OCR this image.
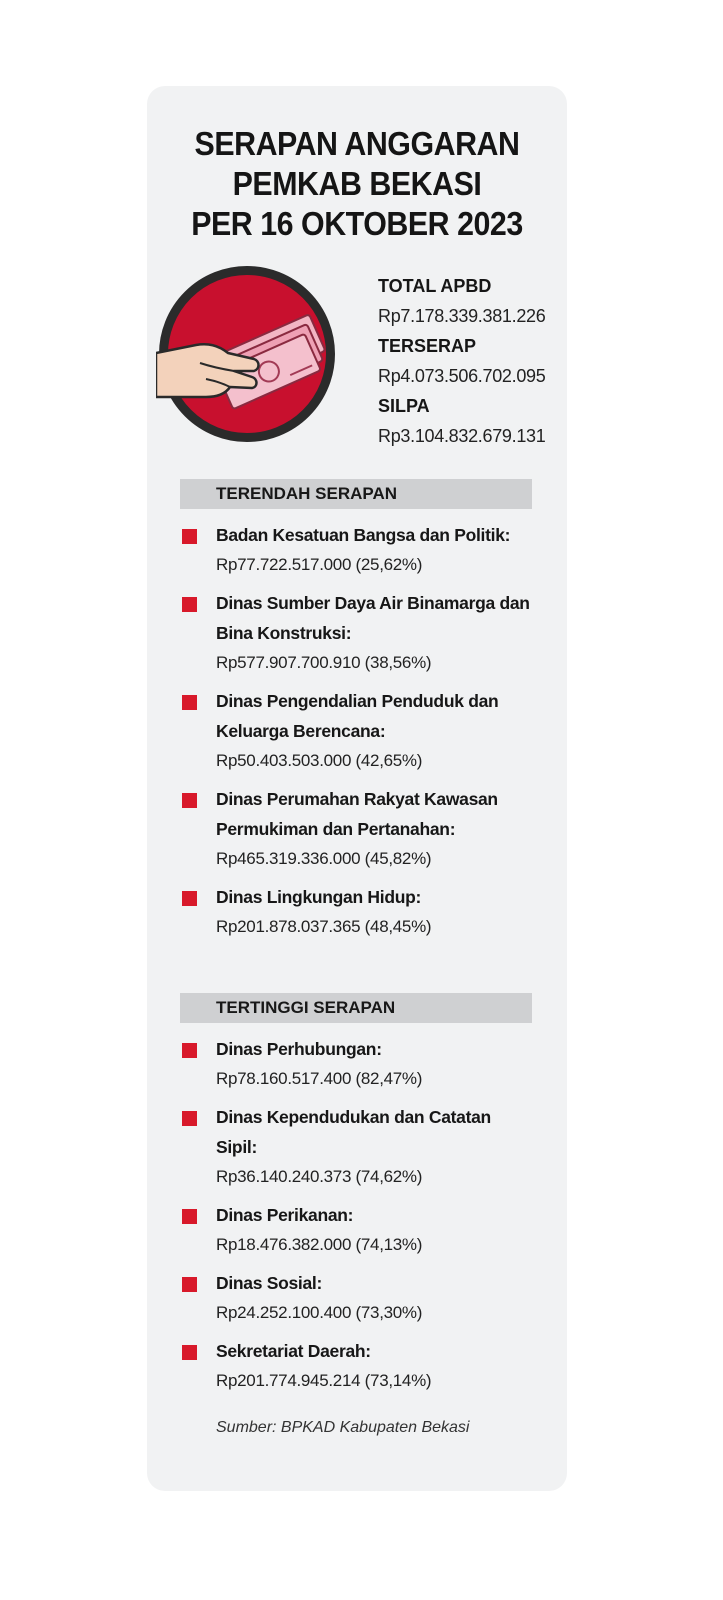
SERAPAN ANGGARAN
PEMKAB BEKASI
PER 16 OKTOBER 2023
TOTAL APBD
Rp7.178.339.381.226
TERSERAP
Rp4.073.506.702.095
SILPA
Rp3.104.832.679.131
TERENDAH SERAPAN
Badan Kesatuan Bangsa dan Politik:
Rp77.722.517.000 (25,62%)
Dinas Sumber Daya Air Binamarga dan
Bina Konstruksi:
Rp577.907.700.910 (38,56%)
Dinas Pengendalian Penduduk dan
Keluarga Berencana:
Rp50.403.503.000 (42,65%)
Dinas Perumahan Rakyat Kawasan
Permukiman dan Pertanahan:
Rp465.319.336.000 (45,82%)
Dinas Lingkungan Hidup:
Rp201.878.037.365 (48,45%)
TERTINGGI SERAPAN
Dinas Perhubungan:
Rp78.160.517.400 (82,47%)
Dinas Kependudukan dan Catatan
Sipil:
Rp36.140.240.373 (74,62%)
Dinas Perikanan:
Rp18.476.382.000 (74,13%)
Dinas Sosial:
Rp24.252.100.400 (73,30%)
Sekretariat Daerah:
Rp201.774.945.214 (73,14%)
Sumber: BPKAD Kabupaten Bekasi
